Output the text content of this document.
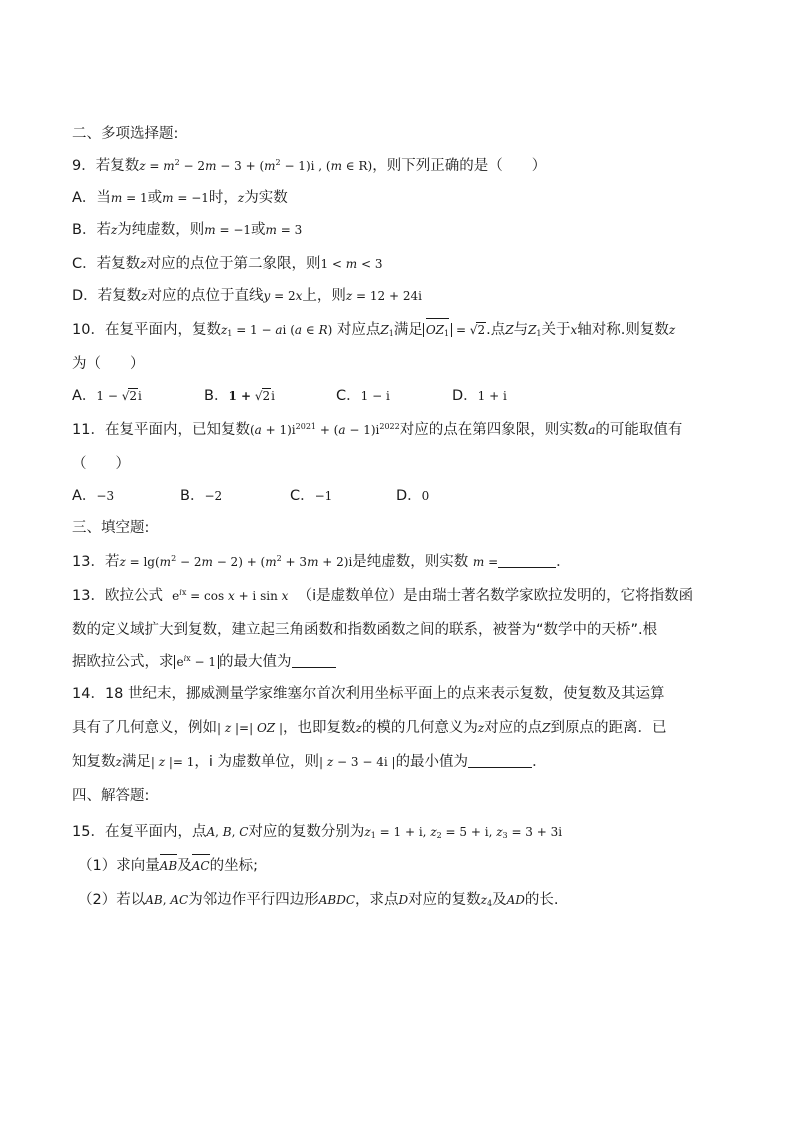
二、多项选择题:
9．若复数$z = m^2 - 2m - 3 + (m^2 - 1)i$ , (m ∈ R)，则下列正确的是（　　）
A．当m = 1或m = −1时，z为实数
B．若z为纯虚数，则m = −1或m = 3
C．若复数z对应的点位于第二象限，则1 < m < 3
D．若复数z对应的点位于直线y = 2x上，则z = 12 + 24i
10．在复平面内，复数$z_1 = 1$ − ai (a ∈ R) 对应点$Z_1$满足 $OZ_1 = √2$.点Z与$Z_1$关于x轴对称.则复数z
为（　　）
A．1 − √2i	B．1 + √2i	C．1 − i	D．1 + i
11．在复平面内，已知复数$(a + 1)i^{2021} + (a - 1)i^{2022}$对应的点在第四象限，则实数a的可能取值有
（　　）
A．−3	B．−2	C．−1	D．0
三、填空题:
13．若$z = \lg(m^2 - 2m - 2) + (m^2 + 3m + 2)i$是纯虚数，则实数 m =	．
13．欧拉公式 $e^{ix} = \cos x + i$ sin x （i是虚数单位）是由瑞士著名数学家欧拉发明的，它将指数函
数的定义域扩大到复数，建立起三角函数和指数函数之间的联系，被誉为“数学中的天桥”.根
据欧拉公式，求 $e^{ix} - 1$ 的最大值为
14．18 世纪末，挪威测量学家维塞尔首次利用坐标平面上的点来表示复数，使复数及其运算
具有了几何意义，例如| z |=| OZ |，也即复数z的模的几何意义为z对应的点Z到原点的距离．已
知复数z满足| z |= 1，i 为虚数单位，则| z − 3 − 4i |的最小值为	．
四、解答题:
15．在复平面内，点A, B, C对应的复数分别为$z_1 = 1 + i$, $z_2 = 5 + i$, $z_3 = 3 + 3i$
（1）求向量AB及AC的坐标;
（2）若以AB, AC为邻边作平行四边形ABDC，求点D对应的复数$z_4$及AD的长.
